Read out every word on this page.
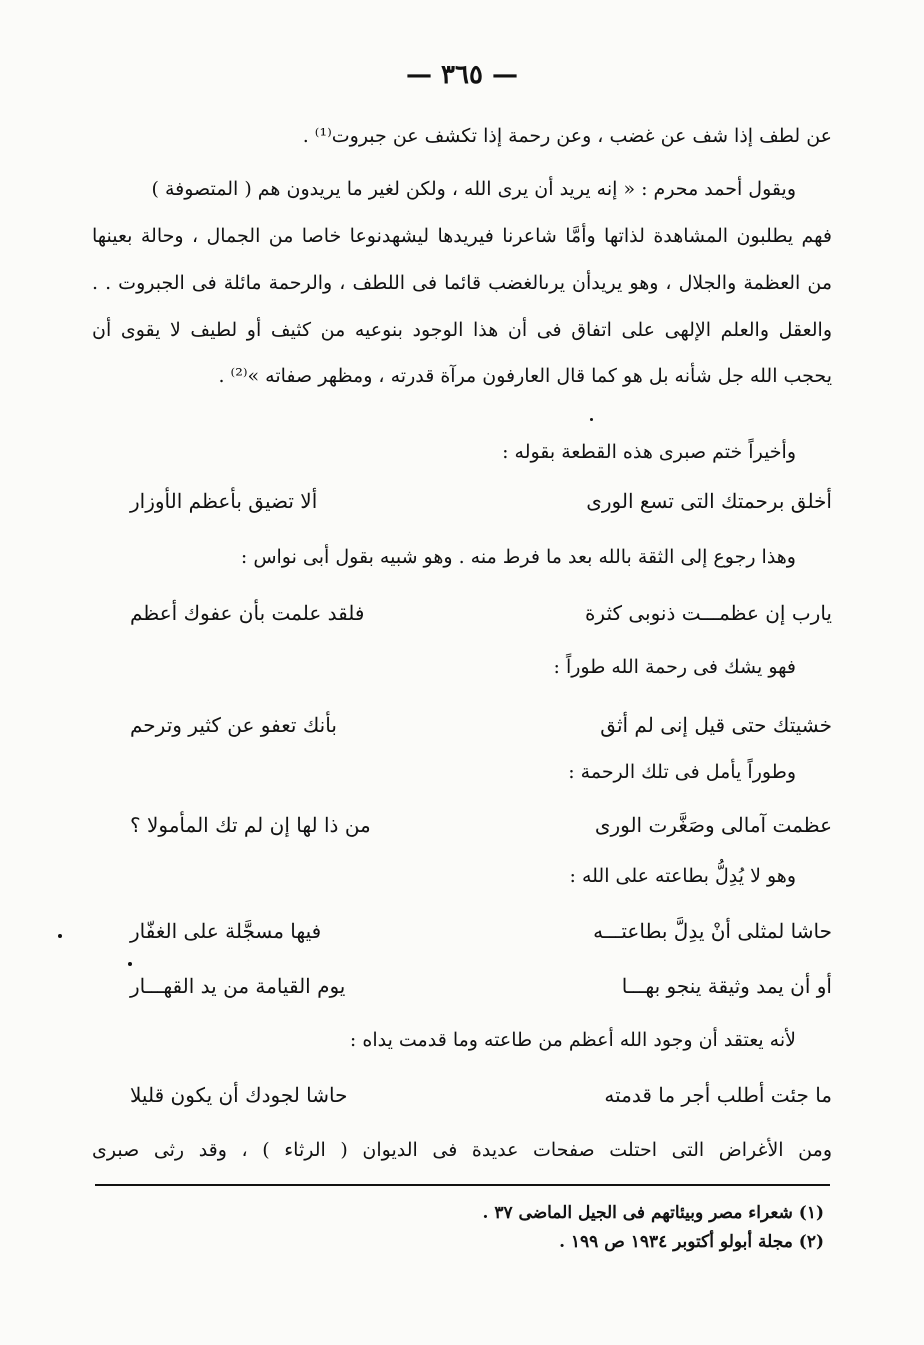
— ٣٦٥ —
عن لطف إذا شف عن غضب ، وعن رحمة إذا تكشف عن جبروت⁽¹⁾ .
ويقول أحمد محرم : « إنه يريد أن يرى الله ، ولكن لغير ما يريدون هم ( المتصوفة )
فهم يطلبون المشاهدة لذاتها وأمَّا شاعرنا فيريدها ليشهدنوعا خاصا من الجمال ، وحالة بعينها
من العظمة والجلال ، وهو يريدأن يرىالغضب قائما فى اللطف ، والرحمة مائلة فى الجبروت . .
والعقل والعلم الإلهى على اتفاق فى أن هذا الوجود بنوعيه من كثيف أو لطيف لا يقوى أن
يحجب الله جل شأنه بل هو كما قال العارفون مرآة قدرته ، ومظهر صفاته »⁽²⁾ .
وأخيراً ختم صبرى هذه القطعة بقوله :
أخلق برحمتك التى تسع الورى
ألا تضيق بأعظم الأوزار
وهذا رجوع إلى الثقة بالله بعد ما فرط منه . وهو شبيه بقول أبى نواس :
يارب إن عظمـــت ذنوبى كثرة
فلقد علمت بأن عفوك أعظم
فهو يشك فى رحمة الله طوراً :
خشيتك حتى قيل إنى لم أثق
بأنك تعفو عن كثير وترحم
وطوراً يأمل فى تلك الرحمة :
عظمت آمالى وصَغَّرت الورى
من ذا لها إن لم تك المأمولا ؟
وهو لا يُدِلُّ بطاعته على الله :
حاشا لمثلى أنْ يدِلَّ بطاعتـــه
فيها مسجَّلة على الغفّار
أو أن يمد وثيقة ينجو بهـــا
يوم القيامة من يد القهـــار
لأنه يعتقد أن وجود الله أعظم من طاعته وما قدمت يداه :
ما جئت أطلب أجر ما قدمته
حاشا لجودك أن يكون قليلا
ومن الأغراض التى احتلت صفحات عديدة فى الديوان ( الرثاء ) ، وقد رثى صبرى
(١) شعراء مصر وبيئاتهم فى الجيل الماضى ٣٧ .
(٢) مجلة أبولو أكتوبر ١٩٣٤ ص ١٩٩ .
